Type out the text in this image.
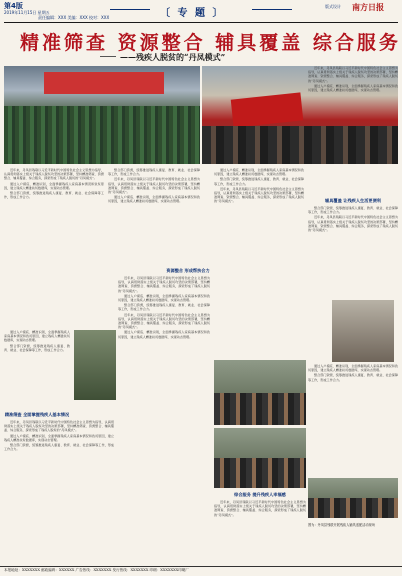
第4版
2019年11月15日 星期五
责任编辑：XXX 美编：XXX 校对：XXX	〔 专 题 〕
版式设计 南方日报
精准筛查 资源整合 辅具覆盖 综合服务
——残疾人脱贫的“丹凤模式”

近年来，丹凤县残联以习近平新时代中国特色社会主义思想为指导，认真贯彻落实上级关于残疾人脱贫攻坚的决策部署，坚持精准筛查、资源整合、辅具覆盖、综合服务，探索形成了残疾人脱贫的“丹凤模式”。

通过入户摸底、精准识别，全面掌握残疾人家庭基本情况和致贫原因，建立残疾人精准扶贫数据库，实现动态管理。

整合部门资源，统筹推进残疾人康复、教育、就业、社会保障等工作，形成工作合力。

通过入户摸底、精准识别，全面掌握残疾人家庭基本情况和致贫原因，建立残疾人精准扶贫数据库，实现动态管理。

整合部门资源，统筹推进残疾人康复、教育、就业、社会保障等工作，形成工作合力。

精准筛查 全面掌握残疾人基本情况

近年来，丹凤县残联以习近平新时代中国特色社会主义思想为指导，认真贯彻落实上级关于残疾人脱贫攻坚的决策部署，坚持精准筛查、资源整合、辅具覆盖、综合服务，探索形成了残疾人脱贫的“丹凤模式”。

通过入户摸底、精准识别，全面掌握残疾人家庭基本情况和致贫原因，建立残疾人精准扶贫数据库，实现动态管理。

整合部门资源，统筹推进残疾人康复、教育、就业、社会保障等工作，形成工作合力。

整合部门资源，统筹推进残疾人康复、教育、就业、社会保障等工作，形成工作合力。

近年来，丹凤县残联以习近平新时代中国特色社会主义思想为指导，认真贯彻落实上级关于残疾人脱贫攻坚的决策部署，坚持精准筛查、资源整合、辅具覆盖、综合服务，探索形成了残疾人脱贫的“丹凤模式”。

通过入户摸底、精准识别，全面掌握残疾人家庭基本情况和致贫原因，建立残疾人精准扶贫数据库，实现动态管理。

资源整合 形成帮扶合力

近年来，丹凤县残联以习近平新时代中国特色社会主义思想为指导，认真贯彻落实上级关于残疾人脱贫攻坚的决策部署，坚持精准筛查、资源整合、辅具覆盖、综合服务，探索形成了残疾人脱贫的“丹凤模式”。

通过入户摸底、精准识别，全面掌握残疾人家庭基本情况和致贫原因，建立残疾人精准扶贫数据库，实现动态管理。

整合部门资源，统筹推进残疾人康复、教育、就业、社会保障等工作，形成工作合力。

近年来，丹凤县残联以习近平新时代中国特色社会主义思想为指导，认真贯彻落实上级关于残疾人脱贫攻坚的决策部署，坚持精准筛查、资源整合、辅具覆盖、综合服务，探索形成了残疾人脱贫的“丹凤模式”。

通过入户摸底、精准识别，全面掌握残疾人家庭基本情况和致贫原因，建立残疾人精准扶贫数据库，实现动态管理。

通过入户摸底、精准识别，全面掌握残疾人家庭基本情况和致贫原因，建立残疾人精准扶贫数据库，实现动态管理。

整合部门资源，统筹推进残疾人康复、教育、就业、社会保障等工作，形成工作合力。

近年来，丹凤县残联以习近平新时代中国特色社会主义思想为指导，认真贯彻落实上级关于残疾人脱贫攻坚的决策部署，坚持精准筛查、资源整合、辅具覆盖、综合服务，探索形成了残疾人脱贫的“丹凤模式”。

近年来，丹凤县残联以习近平新时代中国特色社会主义思想为指导，认真贯彻落实上级关于残疾人脱贫攻坚的决策部署，坚持精准筛查、资源整合、辅具覆盖、综合服务，探索形成了残疾人脱贫的“丹凤模式”。

通过入户摸底、精准识别，全面掌握残疾人家庭基本情况和致贫原因，建立残疾人精准扶贫数据库，实现动态管理。

辅具覆盖 让残疾人生活更便利

整合部门资源，统筹推进残疾人康复、教育、就业、社会保障等工作，形成工作合力。

近年来，丹凤县残联以习近平新时代中国特色社会主义思想为指导，认真贯彻落实上级关于残疾人脱贫攻坚的决策部署，坚持精准筛查、资源整合、辅具覆盖、综合服务，探索形成了残疾人脱贫的“丹凤模式”。

通过入户摸底、精准识别，全面掌握残疾人家庭基本情况和致贫原因，建立残疾人精准扶贫数据库，实现动态管理。

整合部门资源，统筹推进残疾人康复、教育、就业、社会保障等工作，形成工作合力。

综合服务 提升残疾人幸福感

近年来，丹凤县残联以习近平新时代中国特色社会主义思想为指导，认真贯彻落实上级关于残疾人脱贫攻坚的决策部署，坚持精准筛查、资源整合、辅具覆盖、综合服务，探索形成了残疾人脱贫的“丹凤模式”。

图为：丹凤县残联开展残疾人辅具适配活动现场
本报地址：XXXXXXX 邮政编码：XXXXXX 广告热线：XXXXXXX 发行热线：XXXXXXX 印刷：XXXXXXX印刷厂
